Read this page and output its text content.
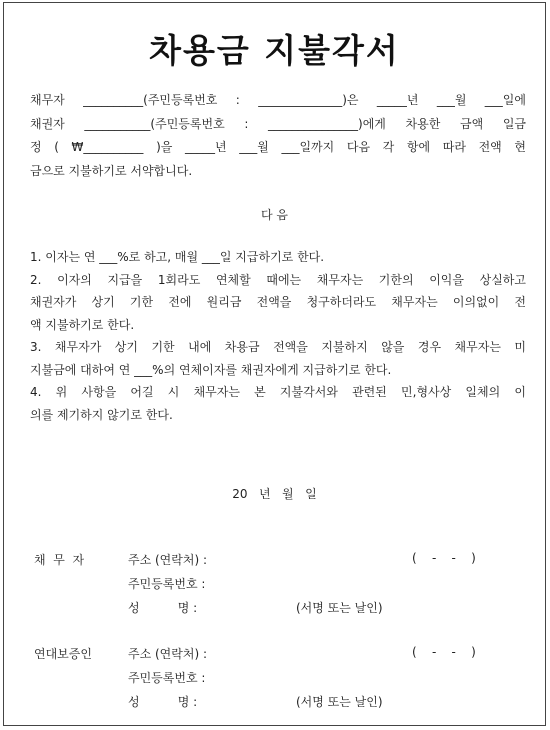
차용금 지불각서
채무자 __________(주민등록번호 : ______________)은 _____년 ___월 ___일에
채권자 ___________(주민등록번호 : _______________)에게 차용한 금액 일금
정 ( ₩__________ )을 _____년 ___월 ___일까지 다음 각 항에 따라 전액 현
금으로 지불하기로 서약합니다.
다 음
1. 이자는 연 ___%로 하고, 매월 ___일 지급하기로 한다.
2. 이자의 지급을 1회라도 연체할 때에는 채무자는 기한의 이익을 상실하고
채권자가 상기 기한 전에 원리금 전액을 청구하더라도 채무자는 이의없이 전
액 지불하기로 한다.
3. 채무자가 상기 기한 내에 차용금 전액을 지불하지 않을 경우 채무자는 미
지불금에 대하여 연 ___%의 연체이자를 채권자에게 지급하기로 한다.
4. 위 사항을 어길 시 채무자는 본 지불각서와 관련된 민,형사상 일체의 이
의를 제기하지 않기로 한다.
20   년   월   일
채  무  자	주소 (연락처) :	(    -    -    )
주민등록번호 :
성          명 :	(서명 또는 날인)
연대보증인	주소 (연락처) :	(    -    -    )
주민등록번호 :
성          명 :	(서명 또는 날인)
